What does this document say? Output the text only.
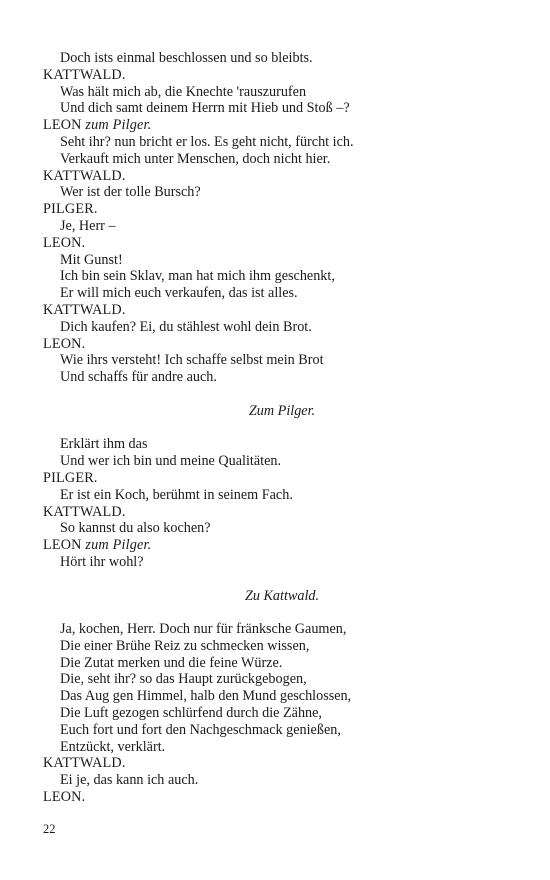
Doch ists einmal beschlossen und so bleibts.
KATTWALD.
Was hält mich ab, die Knechte 'rauszurufen
Und dich samt deinem Herrn mit Hieb und Stoß –?
LEON zum Pilger.
Seht ihr? nun bricht er los. Es geht nicht, fürcht ich.
Verkauft mich unter Menschen, doch nicht hier.
KATTWALD.
Wer ist der tolle Bursch?
PILGER.
Je, Herr –
LEON.
Mit Gunst!
Ich bin sein Sklav, man hat mich ihm geschenkt,
Er will mich euch verkaufen, das ist alles.
KATTWALD.
Dich kaufen? Ei, du stählest wohl dein Brot.
LEON.
Wie ihrs versteht! Ich schaffe selbst mein Brot
Und schaffs für andre auch.
Zum Pilger.
Erklärt ihm das
Und wer ich bin und meine Qualitäten.
PILGER.
Er ist ein Koch, berühmt in seinem Fach.
KATTWALD.
So kannst du also kochen?
LEON zum Pilger.
Hört ihr wohl?
Zu Kattwald.
Ja, kochen, Herr. Doch nur für fränksche Gaumen,
Die einer Brühe Reiz zu schmecken wissen,
Die Zutat merken und die feine Würze.
Die, seht ihr? so das Haupt zurückgebogen,
Das Aug gen Himmel, halb den Mund geschlossen,
Die Luft gezogen schlürfend durch die Zähne,
Euch fort und fort den Nachgeschmack genießen,
Entzückt, verklärt.
KATTWALD.
Ei je, das kann ich auch.
LEON.
22
